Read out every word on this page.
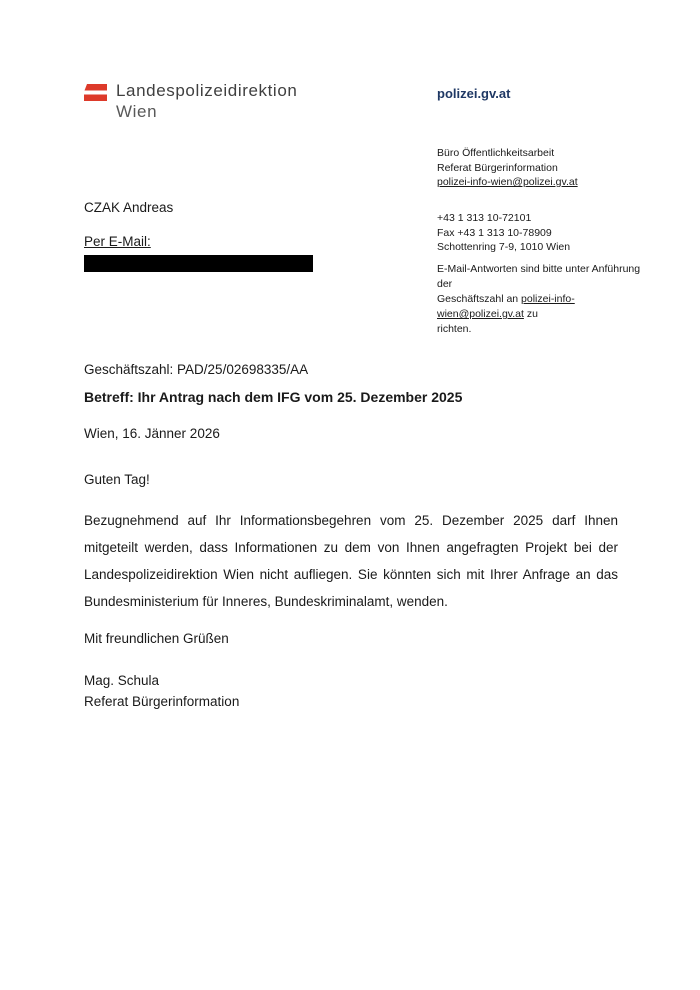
Landespolizeidirektion
Wien
polizei.gv.at
Büro Öffentlichkeitsarbeit
Referat Bürgerinformation
polizei-info-wien@polizei.gv.at
+43 1 313 10-72101
Fax +43 1 313 10-78909
Schottenring 7-9, 1010 Wien
E-Mail-Antworten sind bitte unter Anführung der
Geschäftszahl an polizei-info-wien@polizei.gv.at zu
richten.
CZAK Andreas
Per E-Mail:
Geschäftszahl: PAD/25/02698335/AA
Betreff: Ihr Antrag nach dem IFG vom 25. Dezember 2025
Wien, 16. Jänner 2026
Guten Tag!
Bezugnehmend auf Ihr Informationsbegehren vom 25. Dezember 2025 darf Ihnen mitgeteilt werden, dass Informationen zu dem von Ihnen angefragten Projekt bei der Landespolizeidirektion Wien nicht aufliegen. Sie könnten sich mit Ihrer Anfrage an das Bundesministerium für Inneres, Bundeskriminalamt, wenden.
Mit freundlichen Grüßen
Mag. Schula
Referat Bürgerinformation
